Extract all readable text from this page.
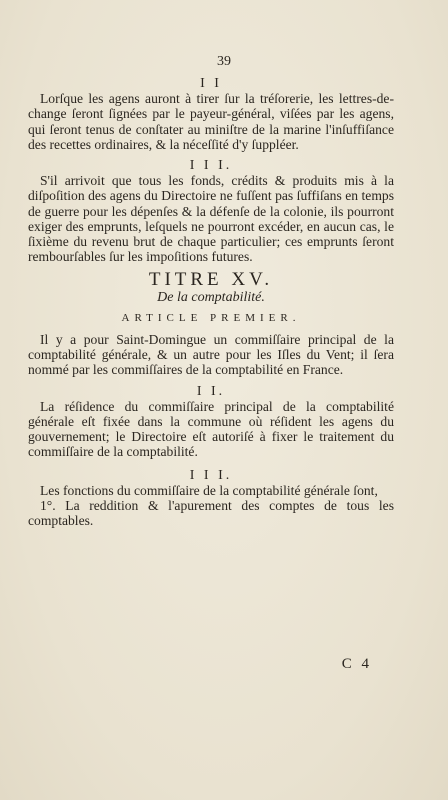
39
I I

Lorſque les agens auront à tirer ſur la tréſorerie, les lettres-de-change ſeront ſignées par le payeur-général, viſées par les agens, qui ſeront tenus de conſtater au miniſtre de la marine l'inſuffiſance des recettes ordinaires, & la néceſſité d'y ſuppléer.

I I I.

S'il arrivoit que tous les fonds, crédits & produits mis à la diſpoſition des agens du Directoire ne fuſſent pas ſuffiſans en temps de guerre pour les dépenſes & la défenſe de la colonie, ils pourront exiger des emprunts, leſquels ne pourront excéder, en aucun cas, le ſixième du revenu brut de chaque particulier; ces emprunts ſeront rembourſables ſur les impoſitions futures.

TITRE XV.
De la comptabilité.
ARTICLE PREMIER.

Il y a pour Saint-Domingue un commiſſaire principal de la comptabilité générale, & un autre pour les Iſles du Vent; il ſera nommé par les commiſſaires de la comptabilité en France.

I I.

La réſidence du commiſſaire principal de la comptabilité générale eſt fixée dans la commune où réſident les agens du gouvernement; le Directoire eſt autoriſé à fixer le traitement du commiſſaire de la comptabilité.

I I I.

Les fonctions du commiſſaire de la comptabilité générale ſont,

1°. La reddition & l'apurement des comptes de tous les comptables.

C 4
